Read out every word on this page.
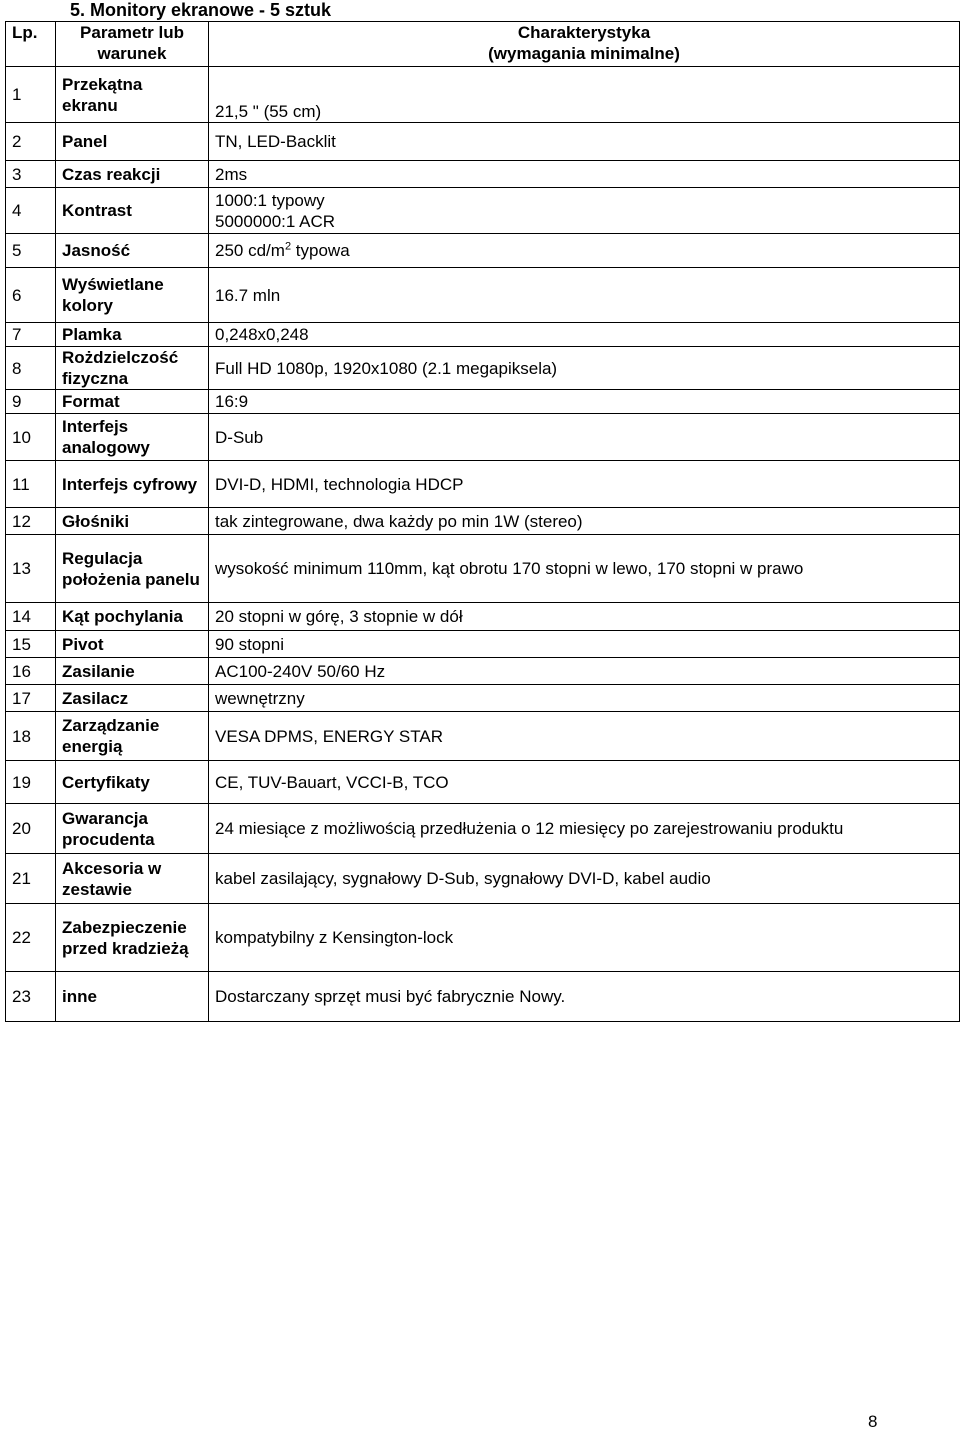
5. Monitory ekranowe - 5 sztuk
Lp.	Parametr lub warunek	Charakterystyka
(wymagania minimalne)

1	Przekątna ekranu	21,5 " (55 cm)
2	Panel	TN, LED-Backlit
3	Czas reakcji	2ms
4	Kontrast	1000:1 typowy
5000000:1 ACR

5	Jasność	250 $cd/m^2$ typowa
6	Wyświetlane kolory	16.7 mln
7	Plamka	0,248x0,248
8	Rożdzielczość fizyczna	Full HD 1080p, 1920x1080 (2.1 megapiksela)
9	Format	16:9
10	Interfejs analogowy	D-Sub
11	Interfejs cyfrowy	DVI-D, HDMI, technologia HDCP
12	Głośniki	tak zintegrowane, dwa każdy po min 1W (stereo)
13	Regulacja położenia panelu	wysokość minimum 110mm, kąt obrotu 170 stopni w lewo, 170 stopni w prawo
14	Kąt pochylania	20 stopni w górę, 3 stopnie w dół
15	Pivot	90 stopni
16	Zasilanie	AC100-240V 50/60 Hz
17	Zasilacz	wewnętrzny
18	Zarządzanie energią	VESA DPMS, ENERGY STAR
19	Certyfikaty	CE, TUV-Bauart, VCCI-B, TCO
20	Gwarancja procudenta	24 miesiące z możliwością przedłużenia o 12 miesięcy po zarejestrowaniu produktu
21	Akcesoria w zestawie	kabel zasilający, sygnałowy D-Sub, sygnałowy DVI-D, kabel audio
22	Zabezpieczenie przed kradzieżą	kompatybilny z Kensington-lock
23	inne	Dostarczany sprzęt musi być fabrycznie Nowy.
8
